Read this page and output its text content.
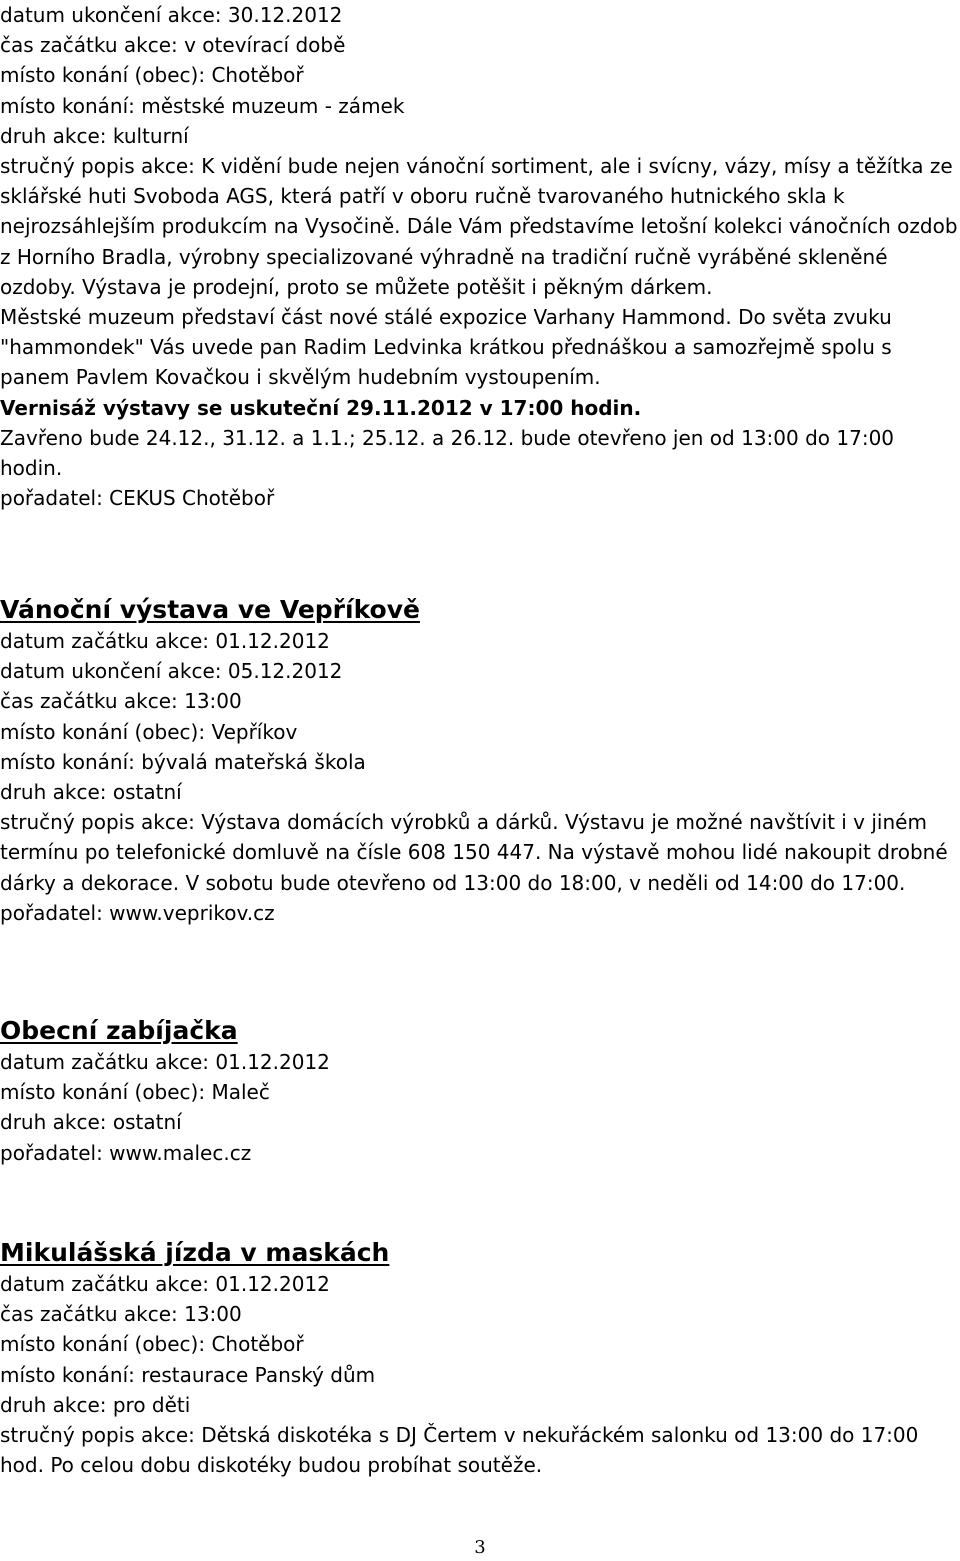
datum ukončení akce: 30.12.2012
čas začátku akce: v otevírací době
místo konání (obec): Chotěboř
místo konání: městské muzeum - zámek
druh akce: kulturní
stručný popis akce: K vidění bude nejen vánoční sortiment, ale i svícny, vázy, mísy a těžítka ze sklářské huti Svoboda AGS, která patří v oboru ručně tvarovaného hutnického skla k nejrozsáhlejším produkcím na Vysočině. Dále Vám představíme letošní kolekci vánočních ozdob z Horního Bradla, výrobny specializované výhradně na tradiční ručně vyráběné skleněné ozdoby. Výstava je prodejní, proto se můžete potěšit i pěkným dárkem.
Městské muzeum představí část nové stálé expozice Varhany Hammond. Do světa zvuku "hammondek" Vás uvede pan Radim Ledvinka krátkou přednáškou a samozřejmě spolu s panem Pavlem Kovačkou i skvělým hudebním vystoupením.
Vernisáž výstavy se uskuteční 29.11.2012 v 17:00 hodin.
Zavřeno bude 24.12., 31.12. a 1.1.; 25.12. a 26.12. bude otevřeno jen od 13:00 do 17:00 hodin.
pořadatel: CEKUS Chotěboř
Vánoční výstava ve Vepříkově
datum začátku akce: 01.12.2012
datum ukončení akce: 05.12.2012
čas začátku akce: 13:00
místo konání (obec): Vepříkov
místo konání: bývalá mateřská škola
druh akce: ostatní
stručný popis akce: Výstava domácích výrobků a dárků. Výstavu je možné navštívit i v jiném termínu po telefonické domluvě na čísle 608 150 447. Na výstavě mohou lidé nakoupit drobné dárky a dekorace. V sobotu bude otevřeno od 13:00 do 18:00, v neděli od 14:00 do 17:00.
pořadatel: www.veprikov.cz
Obecní zabíjačka
datum začátku akce: 01.12.2012
místo konání (obec): Maleč
druh akce: ostatní
pořadatel: www.malec.cz
Mikulášská jízda v maskách
datum začátku akce: 01.12.2012
čas začátku akce: 13:00
místo konání (obec): Chotěboř
místo konání: restaurace Panský dům
druh akce: pro děti
stručný popis akce: Dětská diskotéka s DJ Čertem v nekuřáckém salonku od 13:00 do 17:00 hod. Po celou dobu diskotéky budou probíhat soutěže.
3
